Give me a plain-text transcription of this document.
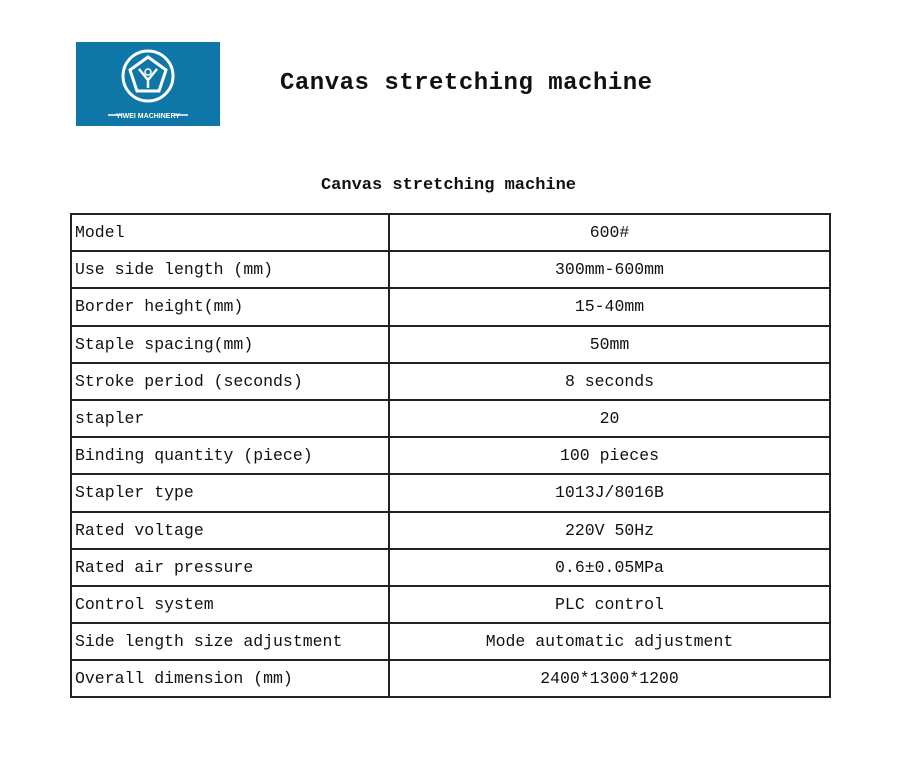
YIWEI MACHINERY
Canvas stretching machine
Canvas stretching machine
Model	600#
Use side length (mm)	300mm-600mm
Border height(mm)	15-40mm
Staple spacing(mm)	50mm
Stroke period (seconds)	8 seconds
stapler	20
Binding quantity (piece)	100 pieces
Stapler type	1013J/8016B
Rated voltage	220V 50Hz
Rated air pressure	0.6±0.05MPa
Control system	PLC control
Side length size adjustment	Mode automatic adjustment
Overall dimension (mm)	2400*1300*1200
